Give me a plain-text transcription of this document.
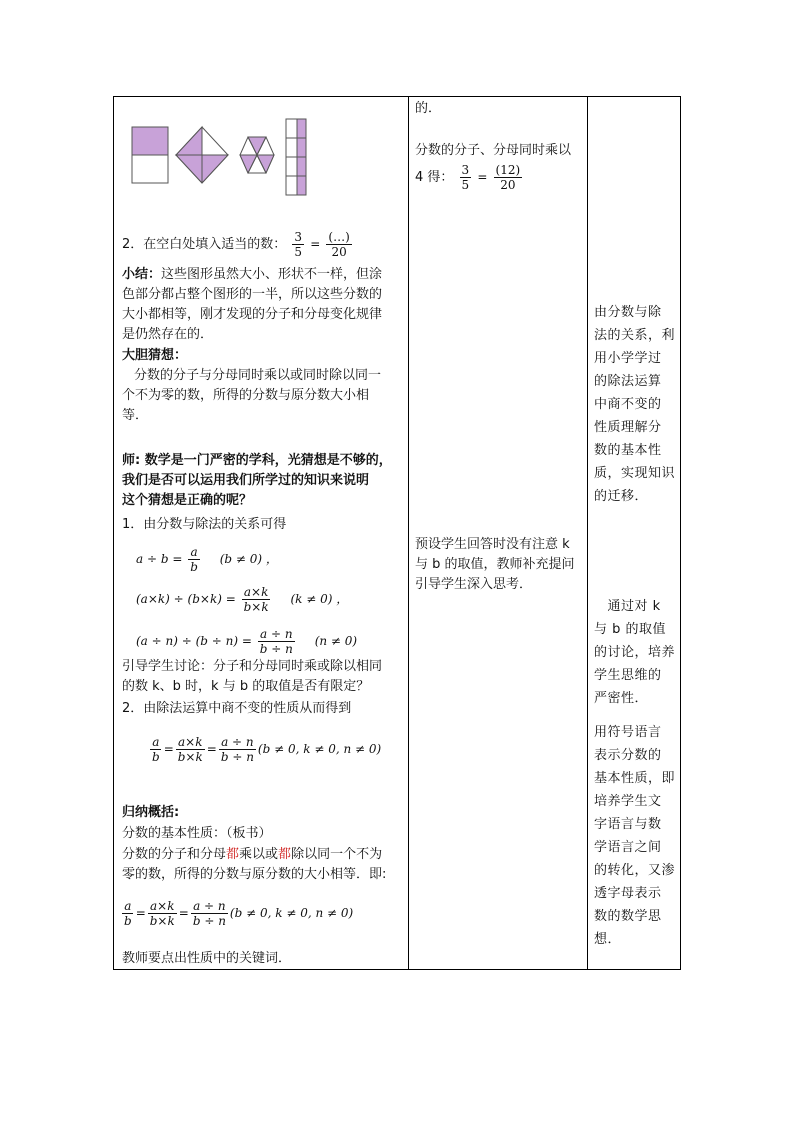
2．在空白处填入适当的数： $\frac{3}{5} = \frac{(\dots)}{20}$
小结：这些图形虽然大小、形状不一样，但涂
色部分都占整个图形的一半，所以这些分数的
大小都相等，刚才发现的分子和分母变化规律
是仍然存在的．
大胆猜想：
分数的分子与分母同时乘以或同时除以同一
个不为零的数，所得的分数与原分数大小相
等．
师: 数学是一门严密的学科，光猜想是不够的，
我们是否可以运用我们所学过的知识来说明
这个猜想是正确的呢？
1．由分数与除法的关系可得
$a \div b = \frac{a}{b} (b \ne 0)$ ，
$(a\times k) \div (b\times k) = \frac{a\times k}{b\times k} (k \ne 0)$ ，
$(a \div n) \div (b \div n) = \frac{a \div n}{b \div n} (n \ne 0)$
引导学生讨论：分子和分母同时乘或除以相同
的数 k、b 时，k 与 b 的取值是否有限定？
2．由除法运算中商不变的性质从而得到
$\frac{a}{b} = \frac{a\times k}{b\times k} = \frac{a \div n}{b \div n} (b \ne 0$, k ≠ 0, n ≠ 0)
归纳概括:
分数的基本性质：（板书）
分数的分子和分母都乘以或都除以同一个不为
零的数，所得的分数与原分数的大小相等．即:
$\frac{a}{b} = \frac{a\times k}{b\times k} = \frac{a \div n}{b \div n} (b \ne 0$, k ≠ 0, n ≠ 0)
教师要点出性质中的关键词．

的．
分数的分子、分母同时乘以
4 得： $\frac{3}{5} = \frac{(12)}{20}$
预设学生回答时没有注意 k
与 b 的取值，教师补充提问
引导学生深入思考．

由分数与除
法的关系，利
用小学学过
的除法运算
中商不变的
性质理解分
数的基本性
质，实现知识
的迁移．
　通过对 k
与 b 的取值
的讨论，培养
学生思维的
严密性．
用符号语言
表示分数的
基本性质，即
培养学生文
字语言与数
学语言之间
的转化，又渗
透字母表示
数的数学思
想．
